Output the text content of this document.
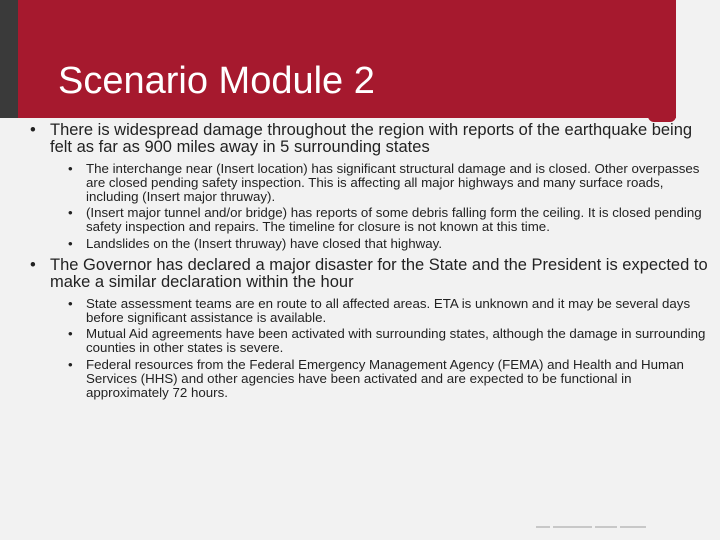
Scenario Module 2
• There is widespread damage throughout the region with reports of the earthquake being felt as far as 900 miles away in 5 surrounding states
• The interchange near (Insert location) has significant structural damage and is closed. Other overpasses are closed pending safety inspection. This is affecting all major highways and many surface roads, including (Insert major thruway).
• (Insert major tunnel and/or bridge) has reports of some debris falling form the ceiling. It is closed pending safety inspection and repairs. The timeline for closure is not known at this time.
• Landslides on the (Insert thruway) have closed that highway.
• The Governor has declared a major disaster for the State and the President is expected to make a similar declaration within the hour
• State assessment teams are en route to all affected areas. ETA is unknown and it may be several days before significant assistance is available.
• Mutual Aid agreements have been activated with surrounding states, although the damage in surrounding counties in other states is severe.
• Federal resources from the Federal Emergency Management Agency (FEMA) and Health and Human Services (HHS) and other agencies have been activated and are expected to be functional in approximately 72 hours.
